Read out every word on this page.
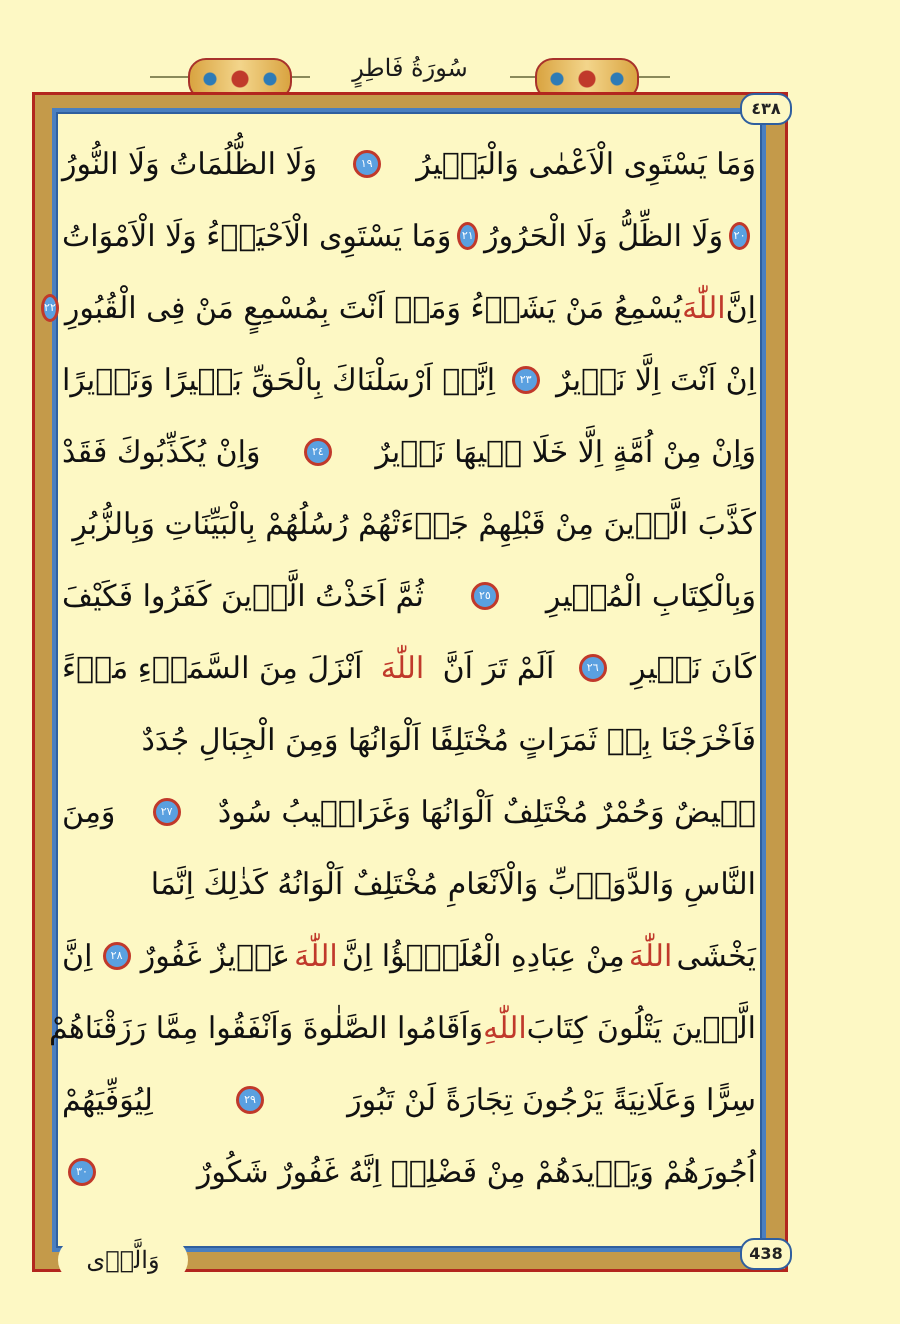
سُورَةُ فَاطِرٍ
٤٣٨
438
وَالَّذٖى
وَمَا يَسْتَوِى الْاَعْمٰى وَالْبَصٖيرُ
١٩
وَلَا الظُّلُمَاتُ وَلَا النُّورُ
٢٠
وَلَا الظِّلُّ وَلَا الْحَرُورُ
٢١
وَمَا يَسْتَوِى الْاَحْيَاۤءُ وَلَا الْاَمْوَاتُ
اِنَّ
اللّٰهَ
يُسْمِعُ مَنْ يَشَاۤءُ وَمَاۤ اَنْتَ بِمُسْمِعٍ مَنْ فِى الْقُبُورِ
٢٢
اِنْ اَنْتَ اِلَّا نَذٖيرٌ
٢٣
اِنَّاۤ اَرْسَلْنَاكَ بِالْحَقِّ بَشٖيرًا وَنَذٖيرًا
وَاِنْ مِنْ اُمَّةٍ اِلَّا خَلَا فٖيهَا نَذٖيرٌ
٢٤
وَاِنْ يُكَذِّبُوكَ فَقَدْ
كَذَّبَ الَّذٖينَ مِنْ قَبْلِهِمْ جَاۤءَتْهُمْ رُسُلُهُمْ بِالْبَيِّنَاتِ وَبِالزُّبُرِ
وَبِالْكِتَابِ الْمُنٖيرِ
٢٥
ثُمَّ اَخَذْتُ الَّذٖينَ كَفَرُوا فَكَيْفَ
كَانَ نَكٖيرِ
٢٦
اَلَمْ تَرَ اَنَّ
اللّٰهَ
اَنْزَلَ مِنَ السَّمَاۤءِ مَاۤءً
فَاَخْرَجْنَا بِهٖ ثَمَرَاتٍ مُخْتَلِفًا اَلْوَانُهَا وَمِنَ الْجِبَالِ جُدَدٌ
بٖيضٌ وَحُمْرٌ مُخْتَلِفٌ اَلْوَانُهَا وَغَرَابٖيبُ سُودٌ
٢٧
وَمِنَ
النَّاسِ وَالدَّوَاۤبِّ وَالْاَنْعَامِ مُخْتَلِفٌ اَلْوَانُهُ كَذٰلِكَ اِنَّمَا
يَخْشَى
اللّٰهَ
مِنْ عِبَادِهِ الْعُلَمٰۤؤُا اِنَّ
اللّٰهَ
عَزٖيزٌ غَفُورٌ
٢٨
اِنَّ
الَّذٖينَ يَتْلُونَ كِتَابَ
اللّٰهِ
وَاَقَامُوا الصَّلٰوةَ وَاَنْفَقُوا مِمَّا رَزَقْنَاهُمْ
سِرًّا وَعَلَانِيَةً يَرْجُونَ تِجَارَةً لَنْ تَبُورَ
٢٩
لِيُوَفِّيَهُمْ
اُجُورَهُمْ وَيَزٖيدَهُمْ مِنْ فَضْلِهٖ اِنَّهُ غَفُورٌ شَكُورٌ
٣٠
